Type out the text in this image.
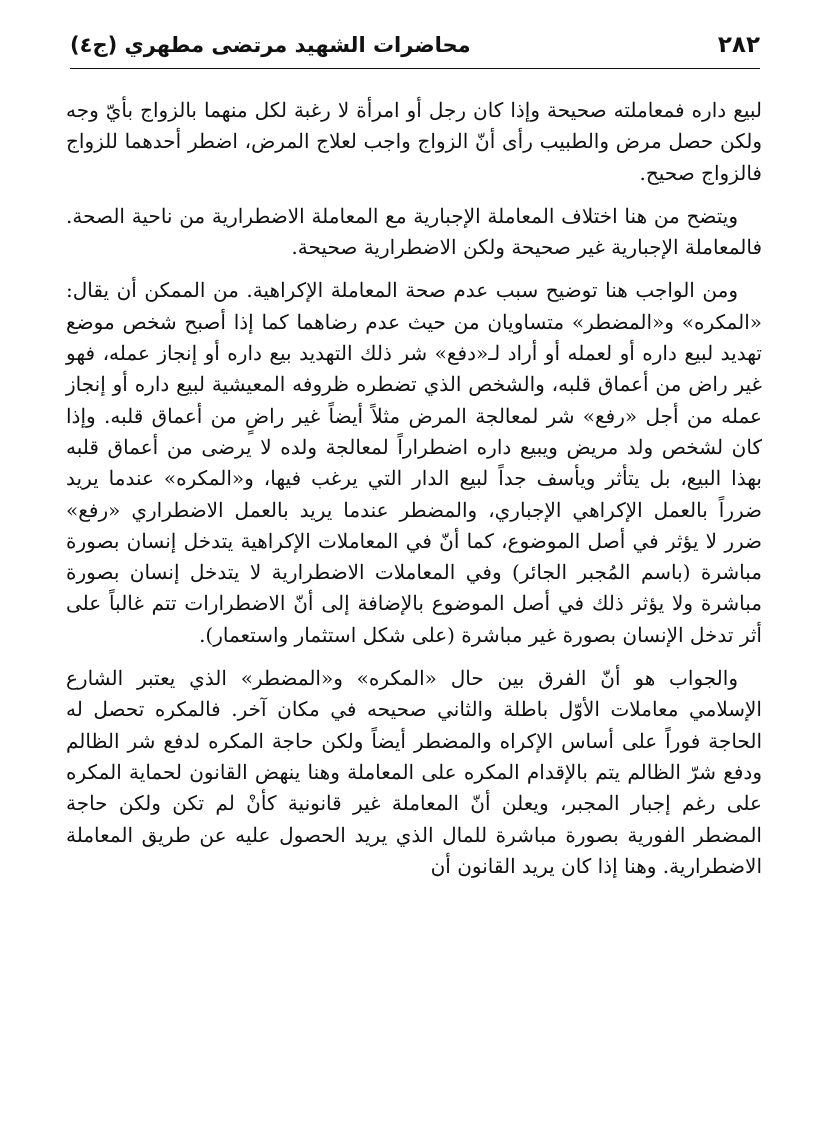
٢٨٢
محاضرات الشهيد مرتضى مطهري (ج٤)

لبيع داره فمعاملته صحيحة وإذا كان رجل أو امرأة لا رغبة لكل منهما بالزواج بأيّ وجه ولكن حصل مرض والطبيب رأى أنّ الزواج واجب لعلاج المرض، اضطر أحدهما للزواج فالزواج صحيح.

ويتضح من هنا اختلاف المعاملة الإجبارية مع المعاملة الاضطرارية من ناحية الصحة. فالمعاملة الإجبارية غير صحيحة ولكن الاضطرارية صحيحة.

ومن الواجب هنا توضيح سبب عدم صحة المعاملة الإكراهية. من الممكن أن يقال: «المكره» و«المضطر» متساويان من حيث عدم رضاهما كما إذا أصبح شخص موضع تهديد لبيع داره أو لعمله أو أراد لـ«دفع» شر ذلك التهديد بيع داره أو إنجاز عمله، فهو غير راض من أعماق قلبه، والشخص الذي تضطره ظروفه المعيشية لبيع داره أو إنجاز عمله من أجل «رفع» شر لمعالجة المرض مثلاً أيضاً غير راضٍ من أعماق قلبه. وإذا كان لشخص ولد مريض ويبيع داره اضطراراً لمعالجة ولده لا يرضى من أعماق قلبه بهذا البيع، بل يتأثر ويأسف جداً لبيع الدار التي يرغب فيها، و«المكره» عندما يريد ضرراً بالعمل الإكراهي الإجباري، والمضطر عندما يريد بالعمل الاضطراري «رفع» ضرر لا يؤثر في أصل الموضوع، كما أنّ في المعاملات الإكراهية يتدخل إنسان بصورة مباشرة (باسم المُجبر الجائر) وفي المعاملات الاضطرارية لا يتدخل إنسان بصورة مباشرة ولا يؤثر ذلك في أصل الموضوع بالإضافة إلى أنّ الاضطرارات تتم غالباً على أثر تدخل الإنسان بصورة غير مباشرة (على شكل استثمار واستعمار).

والجواب هو أنّ الفرق بين حال «المكره» و«المضطر» الذي يعتبر الشارع الإسلامي معاملات الأوّل باطلة والثاني صحيحه في مكان آخر. فالمكره تحصل له الحاجة فوراً على أساس الإكراه والمضطر أيضاً ولكن حاجة المكره لدفع شر الظالم ودفع شرّ الظالم يتم بالإقدام المكره على المعاملة وهنا ينهض القانون لحماية المكره على رغم إجبار المجبر، ويعلن أنّ المعاملة غير قانونية كأنْ لم تكن ولكن حاجة المضطر الفورية بصورة مباشرة للمال الذي يريد الحصول عليه عن طريق المعاملة الاضطرارية. وهنا إذا كان يريد القانون أن
